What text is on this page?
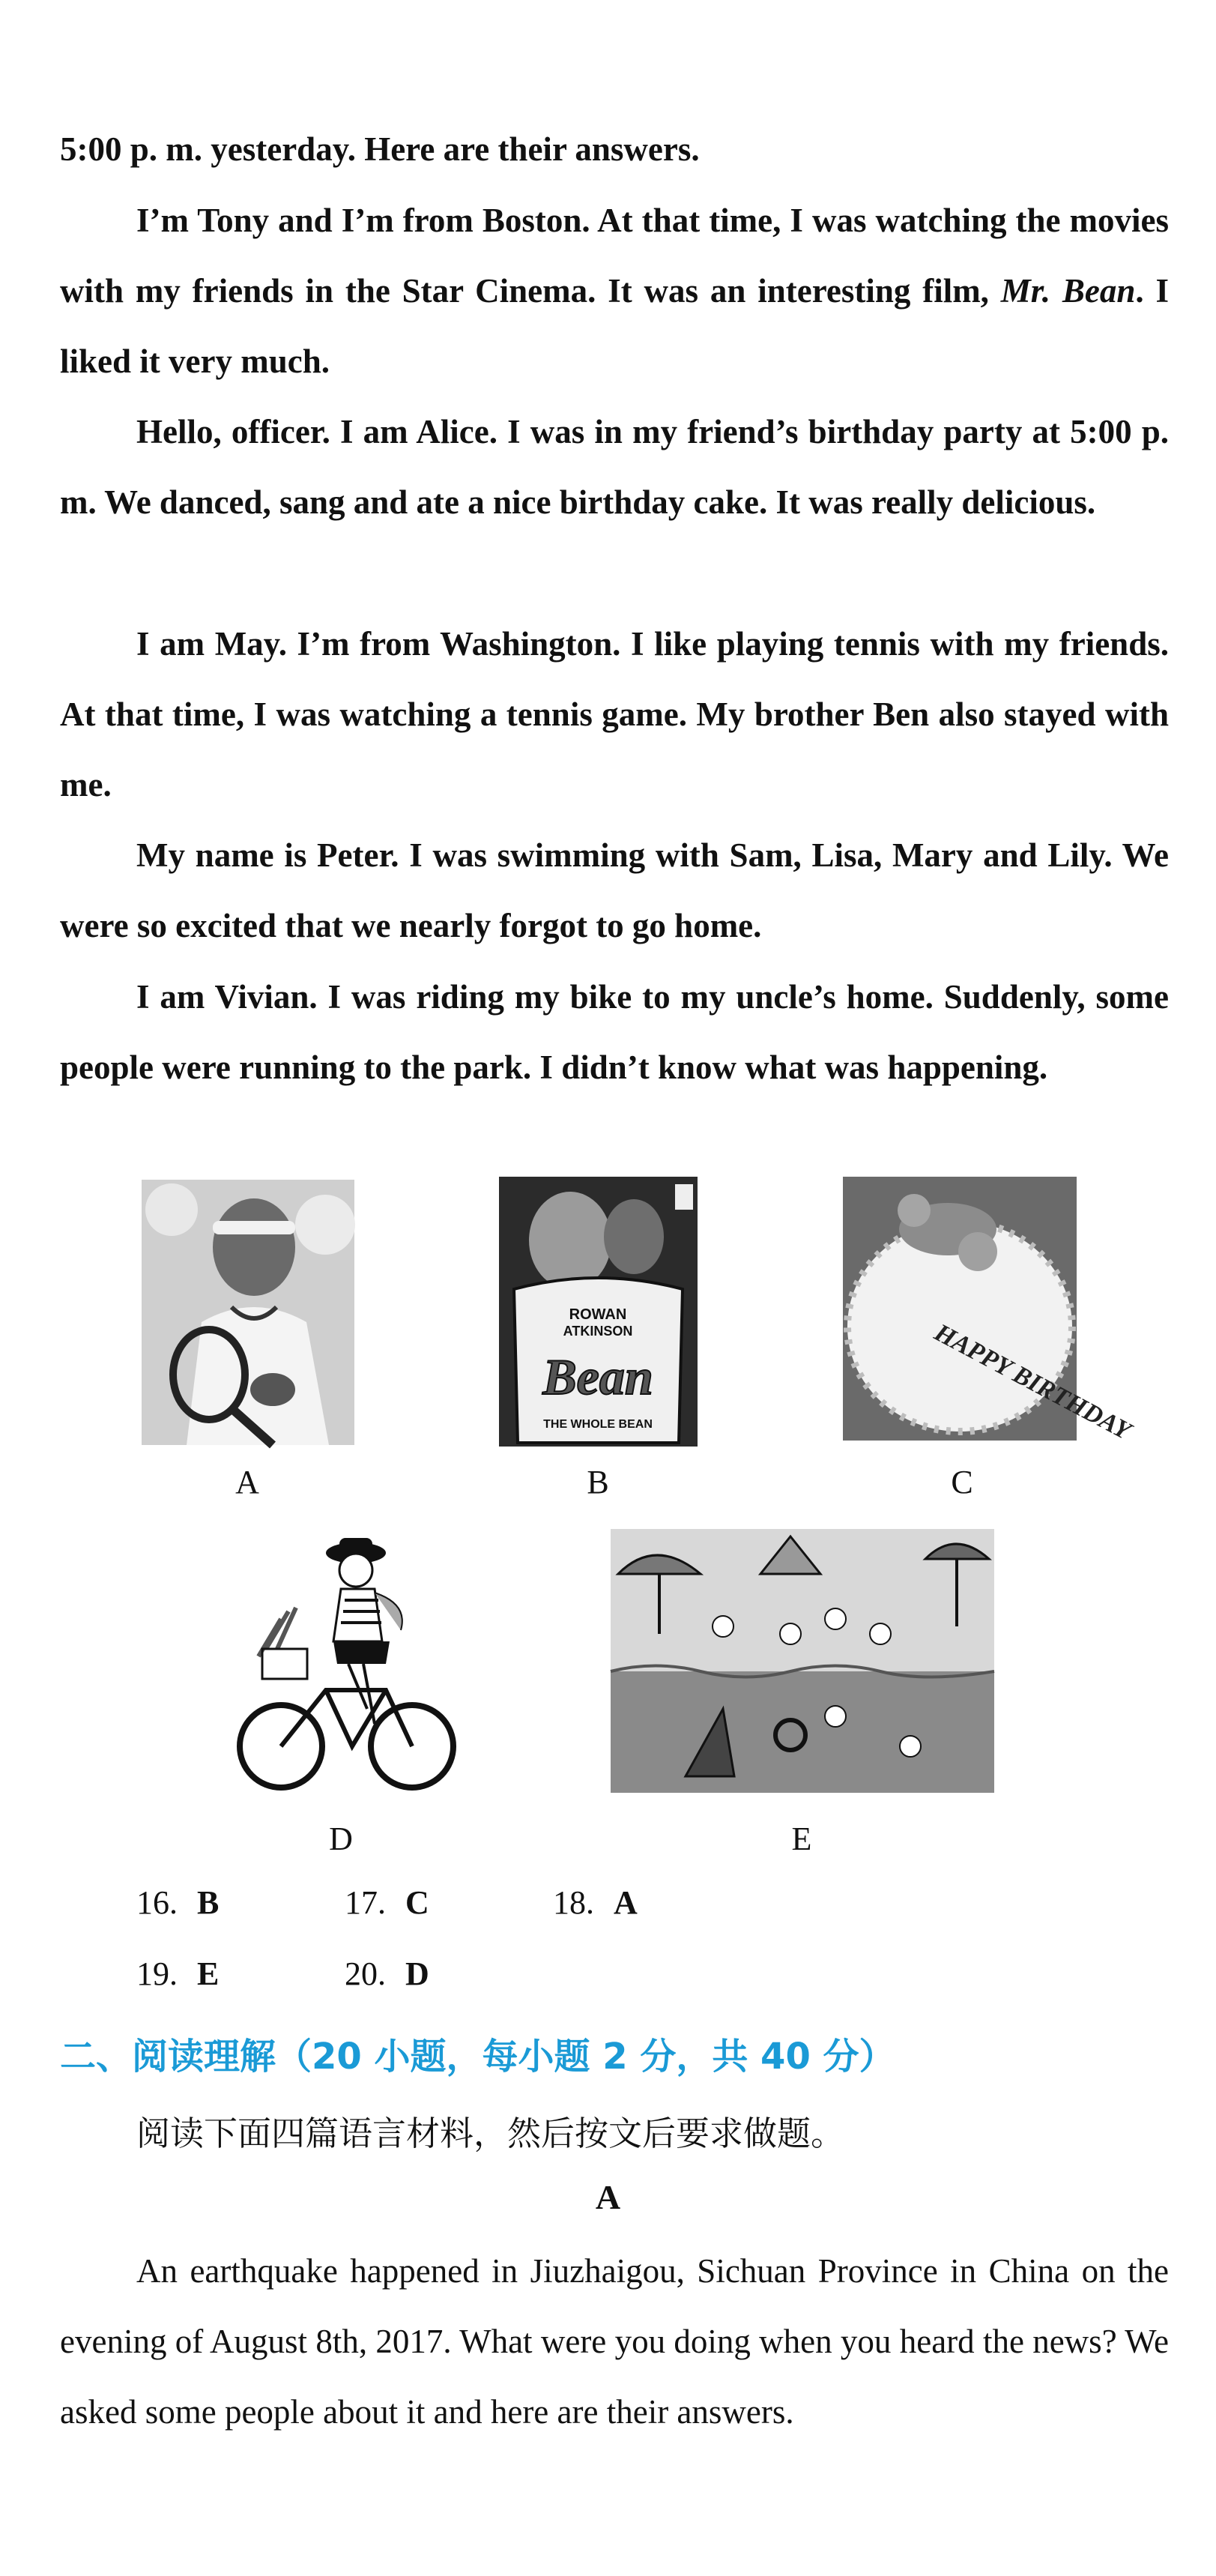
5:00 p. m. yesterday. Here are their answers.

I’m Tony and I’m from Boston. At that time, I was watching the movies with my friends in the Star Cinema. It was an interesting film, Mr. Bean. I liked it very much.

Hello, officer. I am Alice. I was in my friend’s birthday party at 5:00 p. m. We danced, sang and ate a nice birthday cake. It was really delicious.

I am May. I’m from Washington. I like playing tennis with my friends. At that time, I was watching a tennis game. My brother Ben also stayed with me.

My name is Peter. I was swimming with Sam, Lisa, Mary and Lily. We were so excited that we nearly forgot to go home.

I am Vivian. I was riding my bike to my uncle’s home. Suddenly, some people were running to the park. I didn’t know what was happening.

A
ROWAN
ATKINSON
Bean
THE WHOLE BEAN
B
HAPPY BIRTHDAY
C
D	E
16. B	17. C	18. A
19. E	20. D
二、阅读理解（20 小题，每小题 2 分，共 40 分）
阅读下面四篇语言材料，然后按文后要求做题。
A

An earthquake happened in Jiuzhaigou, Sichuan Province in China on the evening of August 8th, 2017. What were you doing when you heard the news? We asked some people about it and here are their answers.
